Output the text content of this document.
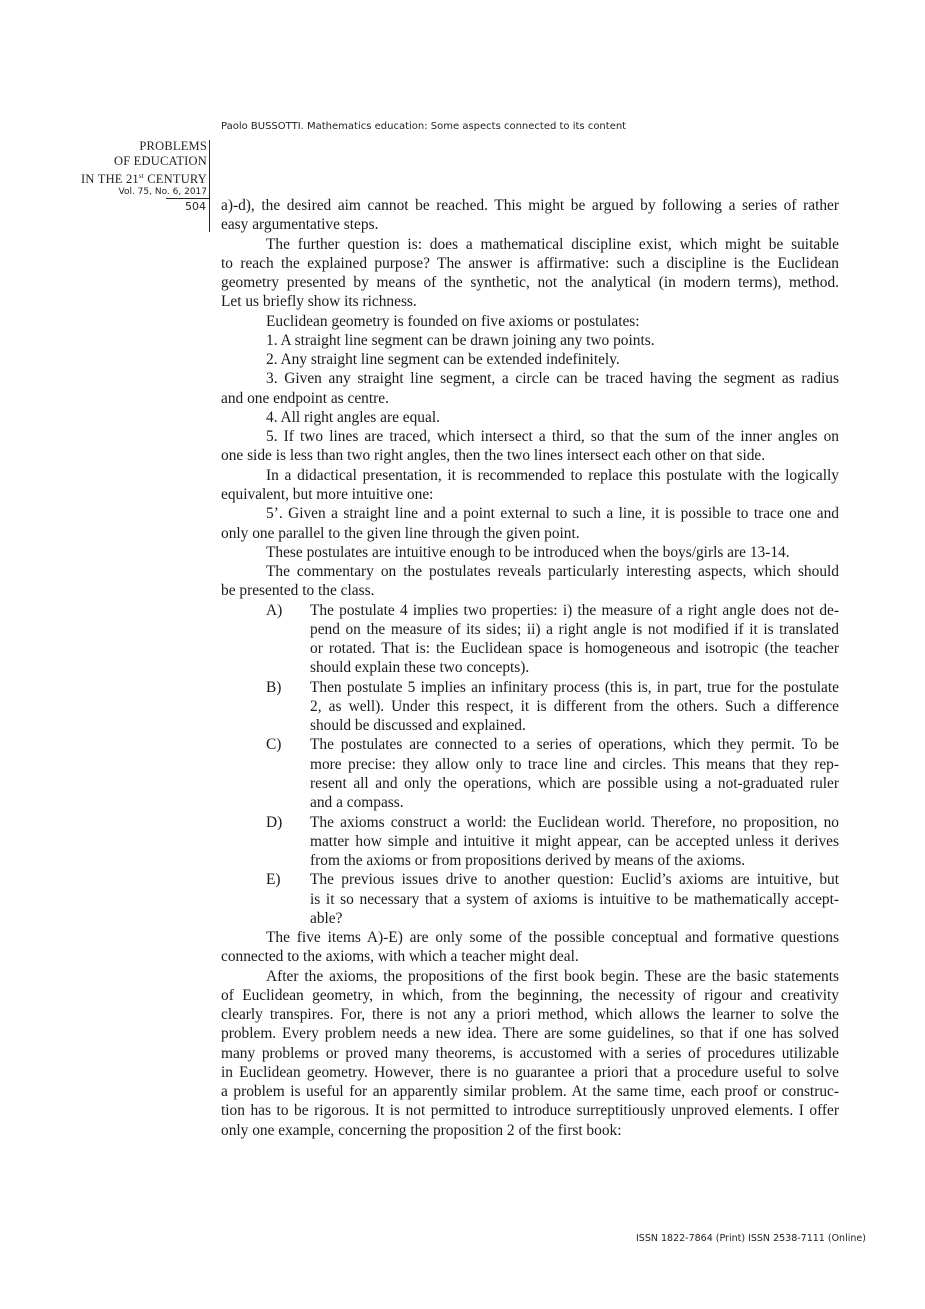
Paolo BUSSOTTI. Mathematics education: Some aspects connected to its content
PROBLEMS
OF EDUCATION
IN THE 21st CENTURY
Vol. 75, No. 6, 2017
504 a)-d), the desired aim cannot be reached. This might be argued by following a series of rather
easy argumentative steps.
The further question is: does a mathematical discipline exist, which might be suitable
to reach the explained purpose? The answer is affirmative: such a discipline is the Euclidean
geometry presented by means of the synthetic, not the analytical (in modern terms), method.
Let us briefly show its richness.
Euclidean geometry is founded on five axioms or postulates:
1. A straight line segment can be drawn joining any two points.
2. Any straight line segment can be extended indefinitely.
3. Given any straight line segment, a circle can be traced having the segment as radius
and one endpoint as centre.
4. All right angles are equal.
5. If two lines are traced, which intersect a third, so that the sum of the inner angles on
one side is less than two right angles, then the two lines intersect each other on that side.
In a didactical presentation, it is recommended to replace this postulate with the logically
equivalent, but more intuitive one:
5’. Given a straight line and a point external to such a line, it is possible to trace one and
only one parallel to the given line through the given point.
These postulates are intuitive enough to be introduced when the boys/girls are 13-14.
The commentary on the postulates reveals particularly interesting aspects, which should
be presented to the class.
A) The postulate 4 implies two properties: i) the measure of a right angle does not de-
pend on the measure of its sides; ii) a right angle is not modified if it is translated
or rotated. That is: the Euclidean space is homogeneous and isotropic (the teacher
should explain these two concepts).
B) Then postulate 5 implies an infinitary process (this is, in part, true for the postulate
2, as well). Under this respect, it is different from the others. Such a difference
should be discussed and explained.
C) The postulates are connected to a series of operations, which they permit. To be
more precise: they allow only to trace line and circles. This means that they rep-
resent all and only the operations, which are possible using a not-graduated ruler
and a compass.
D) The axioms construct a world: the Euclidean world. Therefore, no proposition, no
matter how simple and intuitive it might appear, can be accepted unless it derives
from the axioms or from propositions derived by means of the axioms.
E) The previous issues drive to another question: Euclid’s axioms are intuitive, but
is it so necessary that a system of axioms is intuitive to be mathematically accept-
able?
The five items A)-E) are only some of the possible conceptual and formative questions
connected to the axioms, with which a teacher might deal.
After the axioms, the propositions of the first book begin. These are the basic statements
of Euclidean geometry, in which, from the beginning, the necessity of rigour and creativity
clearly transpires. For, there is not any a priori method, which allows the learner to solve the
problem. Every problem needs a new idea. There are some guidelines, so that if one has solved
many problems or proved many theorems, is accustomed with a series of procedures utilizable
in Euclidean geometry. However, there is no guarantee a priori that a procedure useful to solve
a problem is useful for an apparently similar problem. At the same time, each proof or construc-
tion has to be rigorous. It is not permitted to introduce surreptitiously unproved elements. I offer
only one example, concerning the proposition 2 of the first book:
ISSN 1822-7864 (Print) ISSN 2538-7111 (Online)
